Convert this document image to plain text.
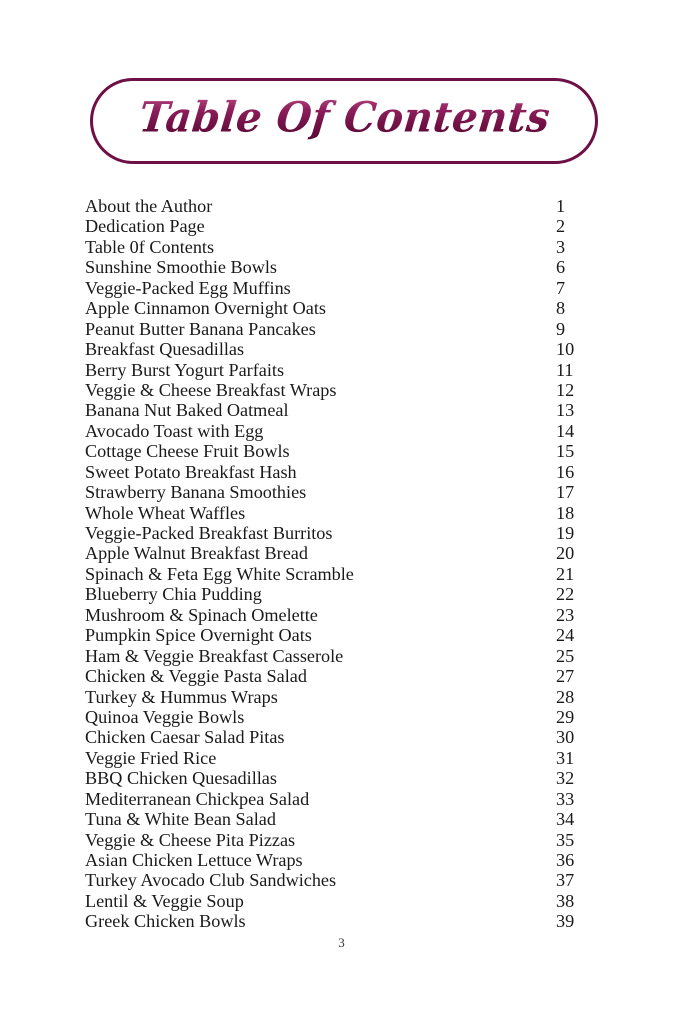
Table Of Contents
About the Author	1
Dedication Page	2
Table 0f Contents	3
Sunshine Smoothie Bowls	6
Veggie-Packed Egg Muffins	7
Apple Cinnamon Overnight Oats	8
Peanut Butter Banana Pancakes	9
Breakfast Quesadillas	10
Berry Burst Yogurt Parfaits	11
Veggie & Cheese Breakfast Wraps	12
Banana Nut Baked Oatmeal	13
Avocado Toast with Egg	14
Cottage Cheese Fruit Bowls	15
Sweet Potato Breakfast Hash	16
Strawberry Banana Smoothies	17
Whole Wheat Waffles	18
Veggie-Packed Breakfast Burritos	19
Apple Walnut Breakfast Bread	20
Spinach & Feta Egg White Scramble	21
Blueberry Chia Pudding	22
Mushroom & Spinach Omelette	23
Pumpkin Spice Overnight Oats	24
Ham & Veggie Breakfast Casserole	25
Chicken & Veggie Pasta Salad	27
Turkey & Hummus Wraps	28
Quinoa Veggie Bowls	29
Chicken Caesar Salad Pitas	30
Veggie Fried Rice	31
BBQ Chicken Quesadillas	32
Mediterranean Chickpea Salad	33
Tuna & White Bean Salad	34
Veggie & Cheese Pita Pizzas	35
Asian Chicken Lettuce Wraps	36
Turkey Avocado Club Sandwiches	37
Lentil & Veggie Soup	38
Greek Chicken Bowls	39
3
